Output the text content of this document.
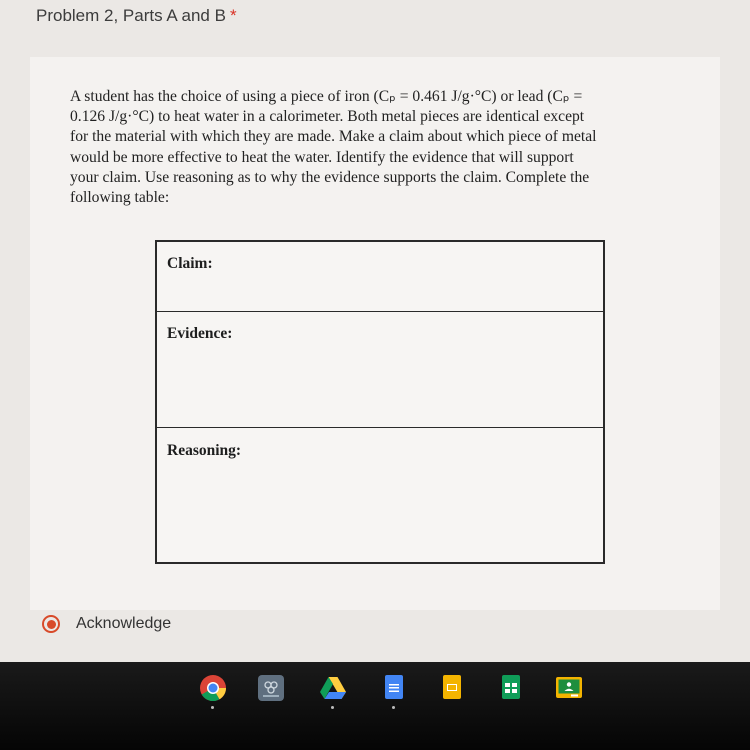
Problem 2, Parts A and B *
A student has the choice of using a piece of iron (Cₚ = 0.461 J/g·°C) or lead (Cₚ =
0.126 J/g·°C) to heat water in a calorimeter. Both metal pieces are identical except
for the material with which they are made. Make a claim about which piece of metal
would be more effective to heat the water. Identify the evidence that will support
your claim. Use reasoning as to why the evidence supports the claim. Complete the
following table:
Claim:
Evidence:
Reasoning:
Acknowledge
